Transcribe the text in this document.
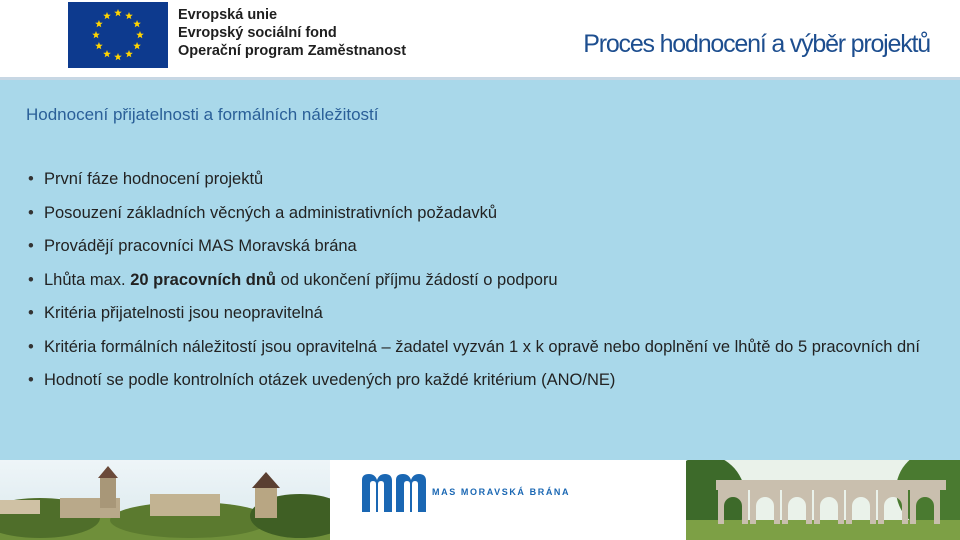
Evropská unie
Evropský sociální fond
Operační program Zaměstnanost	Proces hodnocení a výběr projektů
Hodnocení přijatelnosti a formálních náležitostí
• První fáze hodnocení projektů
• Posouzení základních věcných a administrativních požadavků
• Provádějí pracovníci MAS Moravská brána
• Lhůta max. 20 pracovních dnů od ukončení příjmu žádostí o podporu
• Kritéria přijatelnosti jsou neopravitelná
• Kritéria formálních náležitostí jsou opravitelná – žadatel vyzván 1 x k opravě nebo doplnění ve lhůtě do 5 pracovních dní
• Hodnotí se podle kontrolních otázek uvedených pro každé kritérium (ANO/NE)
MAS MORAVSKÁ BRÁNA
